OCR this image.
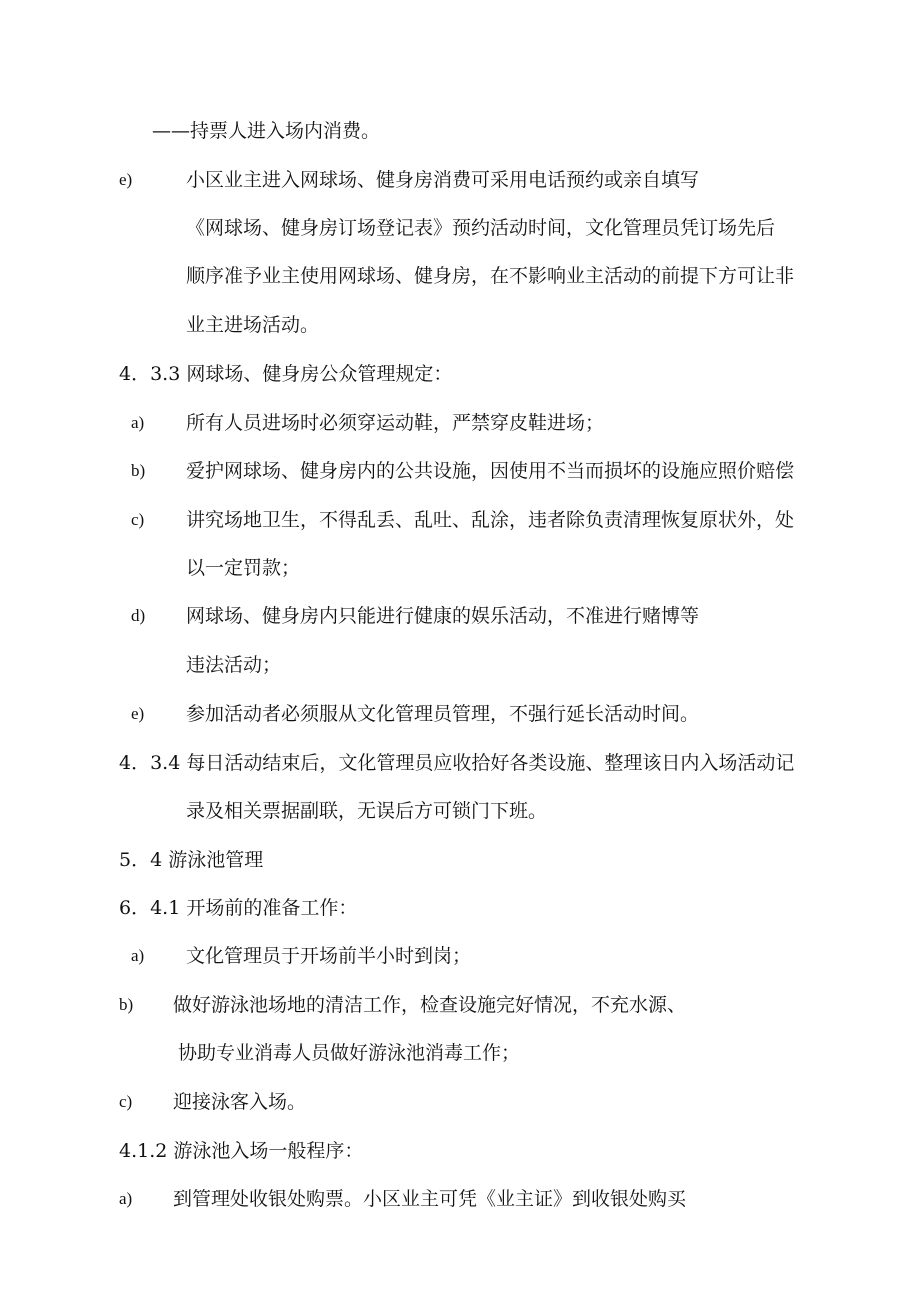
——持票人进入场内消费。
e)	小区业主进入网球场、健身房消费可采用电话预约或亲自填写
《网球场、健身房订场登记表》预约活动时间，文化管理员凭订场先后
顺序准予业主使用网球场、健身房，在不影响业主活动的前提下方可让非
业主进场活动。
4．3.3 网球场、健身房公众管理规定：
a) 所有人员进场时必须穿运动鞋，严禁穿皮鞋进场；
b) 爱护网球场、健身房内的公共设施，因使用不当而损坏的设施应照价赔偿
c) 讲究场地卫生，不得乱丢、乱吐、乱涂，违者除负责清理恢复原状外，处
以一定罚款；
d) 网球场、健身房内只能进行健康的娱乐活动，不准进行赌博等
违法活动；
e) 参加活动者必须服从文化管理员管理，不强行延长活动时间。
4．3.4 每日活动结束后，文化管理员应收拾好各类设施、整理该日内入场活动记
录及相关票据副联，无误后方可锁门下班。
5．4 游泳池管理
6．4.1 开场前的准备工作：
a) 文化管理员于开场前半小时到岗；
b) 做好游泳池场地的清洁工作，检查设施完好情况，不充水源、
协助专业消毒人员做好游泳池消毒工作；
c) 迎接泳客入场。
4.1.2 游泳池入场一般程序：
a) 到管理处收银处购票。小区业主可凭《业主证》到收银处购买
